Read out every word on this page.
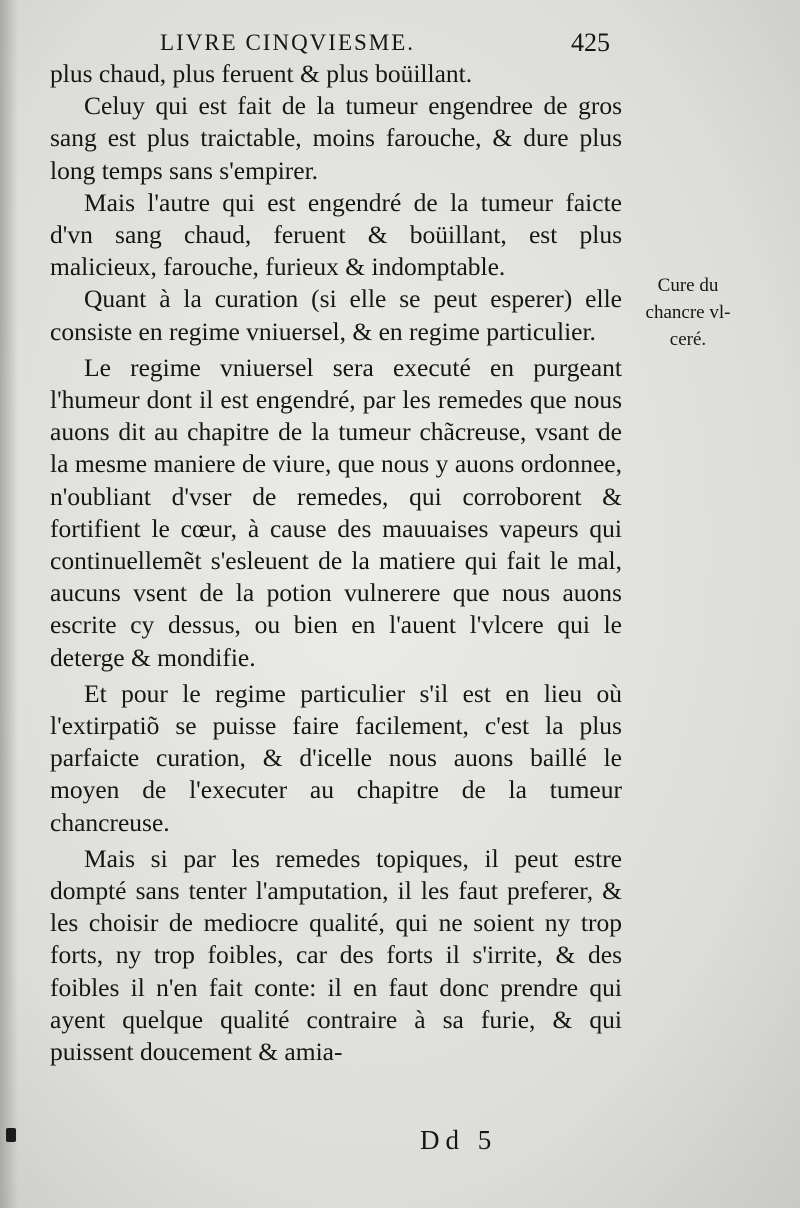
LIVRE CINQVIESME.	425

plus chaud, plus feruent & plus boüillant.

Celuy qui est fait de la tumeur engendree de gros sang est plus traictable, moins farouche, & dure plus long temps sans s'empirer.

Mais l'autre qui est engendré de la tumeur faicte d'vn sang chaud, feruent & boüillant, est plus malicieux, farouche, furieux & indomptable.

Quant à la curation (si elle se peut esperer) elle consiste en regime vniuersel, & en regime particulier.

Le regime vniuersel sera executé en purgeant l'humeur dont il est engendré, par les remedes que nous auons dit au chapitre de la tumeur chãcreuse, vsant de la mesme maniere de viure, que nous y auons ordonnee, n'oubliant d'vser de remedes, qui corroborent & fortifient le cœur, à cause des mauuaises vapeurs qui continuellemẽt s'esleuent de la matiere qui fait le mal, aucuns vsent de la potion vulnerere que nous auons escrite cy dessus, ou bien en l'auent l'vlcere qui le deterge & mondifie.

Et pour le regime particulier s'il est en lieu où l'extirpatiõ se puisse faire facilement, c'est la plus parfaicte curation, & d'icelle nous auons baillé le moyen de l'executer au chapitre de la tumeur chancreuse.

Mais si par les remedes topiques, il peut estre dompté sans tenter l'amputation, il les faut preferer, & les choisir de mediocre qualité, qui ne soient ny trop forts, ny trop foibles, car des forts il s'irrite, & des foibles il n'en fait conte: il en faut donc prendre qui ayent quelque qualité contraire à sa furie, & qui puissent doucement & amia-

Cure du
chancre vl-
ceré.
Dd 5
